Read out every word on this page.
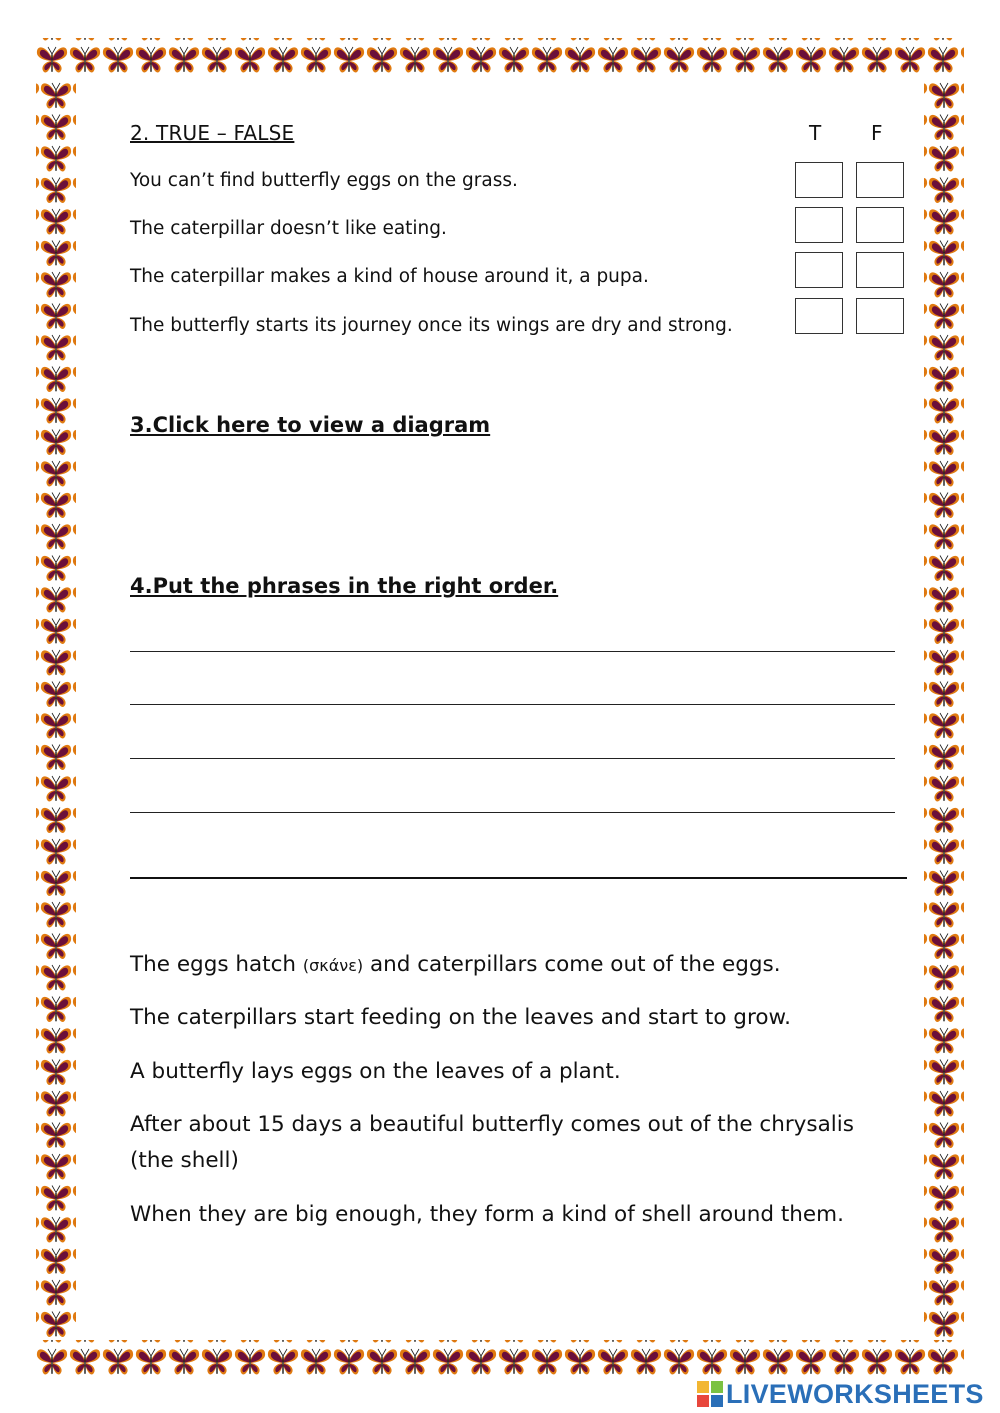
2. TRUE – FALSE	T F
You can’t find butterfly eggs on the grass.
The caterpillar doesn’t like eating.
The caterpillar makes a kind of house around it, a pupa.
The butterfly starts its journey once its wings are dry and strong.
3.Click here to view a diagram
4.Put the phrases in the right order.
The eggs hatch (σκάνε) and caterpillars come out of the eggs.
The caterpillars start feeding on the leaves and start to grow.
A butterfly lays eggs on the leaves of a plant.
After about 15 days a beautiful butterfly comes out of the chrysalis (the shell)
When they are big enough, they form a kind of shell around them.
LIVEWORKSHEETS
